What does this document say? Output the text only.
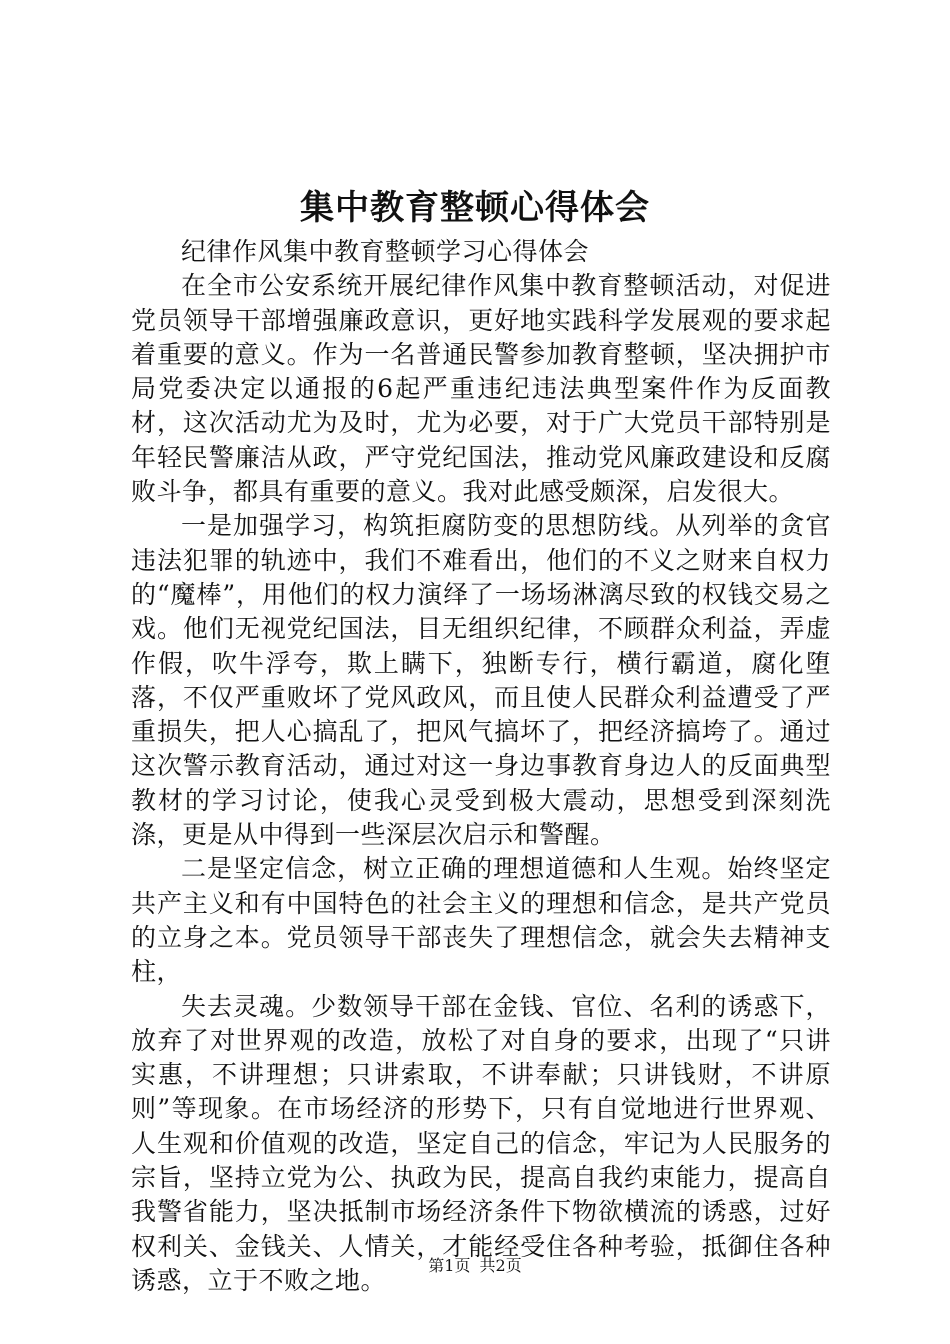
集中教育整顿心得体会

纪律作风集中教育整顿学习心得体会

在全市公安系统开展纪律作风集中教育整顿活动，对促进党员领导干部增强廉政意识，更好地实践科学发展观的要求起着重要的意义。作为一名普通民警参加教育整顿，坚决拥护市局党委决定以通报的6起严重违纪违法典型案件作为反面教材，这次活动尤为及时，尤为必要，对于广大党员干部特别是年轻民警廉洁从政，严守党纪国法，推动党风廉政建设和反腐败斗争，都具有重要的意义。我对此感受颇深，启发很大。

一是加强学习，构筑拒腐防变的思想防线。从列举的贪官违法犯罪的轨迹中，我们不难看出，他们的不义之财来自权力的“魔棒”，用他们的权力演绎了一场场淋漓尽致的权钱交易之戏。他们无视党纪国法，目无组织纪律，不顾群众利益，弄虚作假，吹牛浮夸，欺上瞒下，独断专行，横行霸道，腐化堕落，不仅严重败坏了党风政风，而且使人民群众利益遭受了严重损失，把人心搞乱了，把风气搞坏了，把经济搞垮了。通过这次警示教育活动，通过对这一身边事教育身边人的反面典型教材的学习讨论，使我心灵受到极大震动，思想受到深刻洗涤，更是从中得到一些深层次启示和警醒。

二是坚定信念，树立正确的理想道德和人生观。始终坚定共产主义和有中国特色的社会主义的理想和信念，是共产党员的立身之本。党员领导干部丧失了理想信念，就会失去精神支柱，

失去灵魂。少数领导干部在金钱、官位、名利的诱惑下，放弃了对世界观的改造，放松了对自身的要求，出现了“只讲实惠，不讲理想；只讲索取，不讲奉献；只讲钱财，不讲原则”等现象。在市场经济的形势下，只有自觉地进行世界观、人生观和价值观的改造，坚定自己的信念，牢记为人民服务的宗旨，坚持立党为公、执政为民，提高自我约束能力，提高自我警省能力，坚决抵制市场经济条件下物欲横流的诱惑，过好权利关、金钱关、人情关，才能经受住各种考验，抵御住各种诱惑，立于不败之地。

第1页 共2页
